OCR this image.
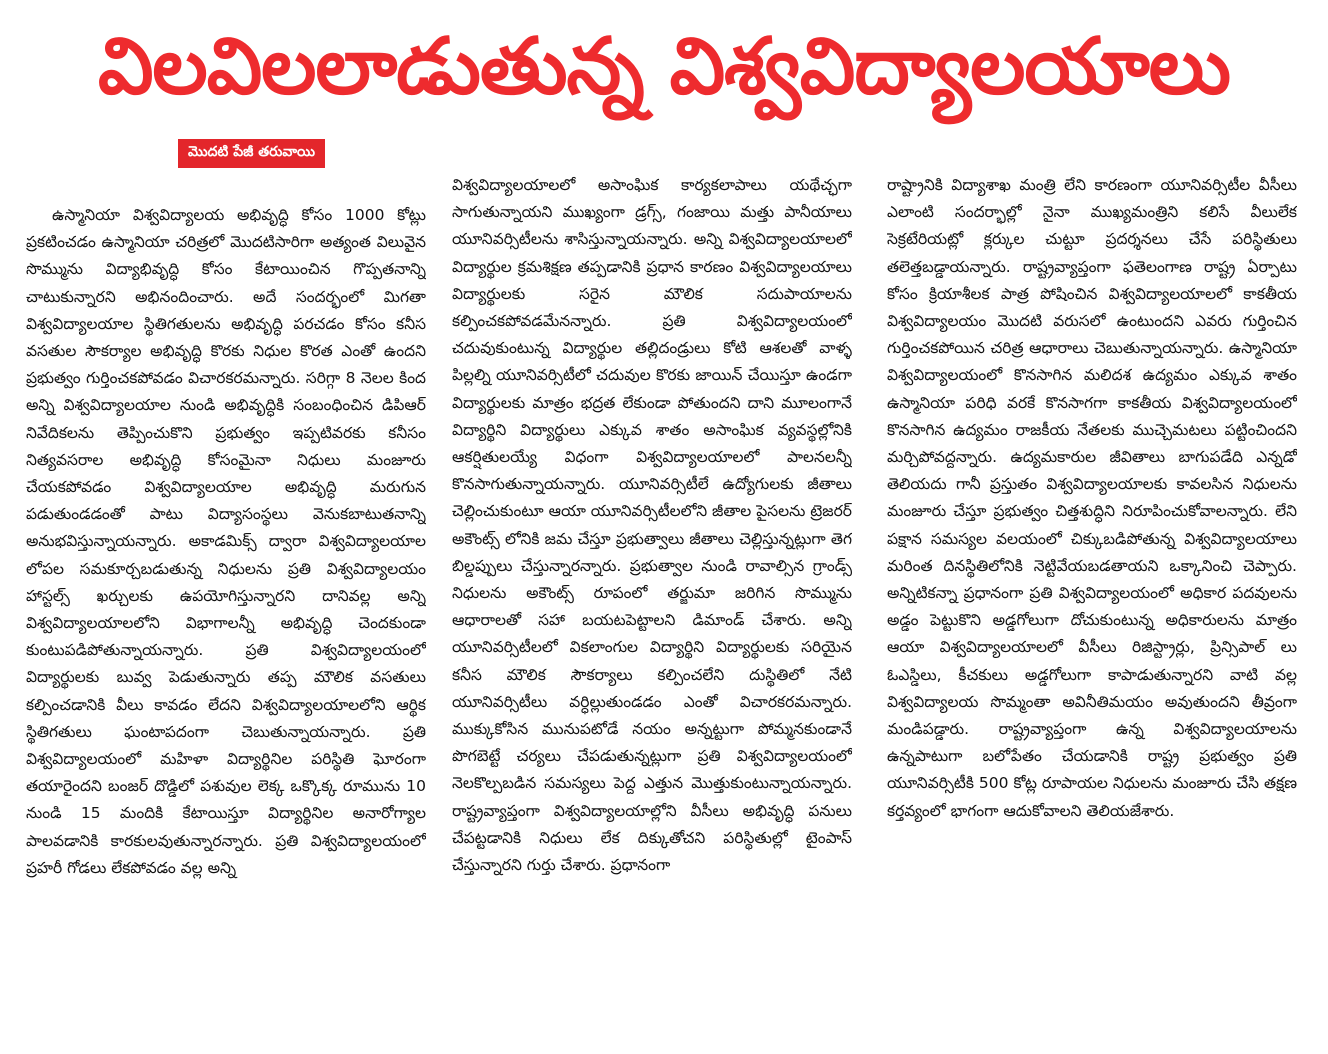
విలవిలలాడుతున్న విశ్వవిద్యాలయాలు
మొదటి పేజీ తరువాయి

ఉస్మానియా విశ్వవిద్యాలయ అభివృద్ధి కోసం 1000 కోట్లు ప్రకటించడం ఉస్మానియా చరిత్రలో మొదటిసారిగా అత్యంత విలువైన సొమ్మును విద్యాభివృద్ధి కోసం కేటాయించిన గొప్పతనాన్ని చాటుకున్నారని అభినందించారు. అదే సందర్భంలో మిగతా విశ్వవిద్యాలయాల స్థితిగతులను అభివృద్ధి పరచడం కోసం కనీస వసతుల సౌకర్యాల అభివృద్ధి కొరకు నిధుల కొరత ఎంతో ఉందని ప్రభుత్వం గుర్తించకపోవడం విచారకరమన్నారు. సరిగ్గా 8 నెలల కింద అన్ని విశ్వవిద్యాలయాల నుండి అభివృద్ధికి సంబంధించిన డిపిఆర్ నివేదికలను తెప్పించుకొని ప్రభుత్వం ఇప్పటివరకు కనీసం నిత్యవసరాల అభివృద్ధి కోసంమైనా నిధులు మంజూరు చేయకపోవడం విశ్వవిద్యాలయాల అభివృద్ధి మరుగున పడుతుండడంతో పాటు విద్యాసంస్థలు వెనుకబాటుతనాన్ని అనుభవిస్తున్నాయన్నారు. అకాడమిక్స్ ద్వారా విశ్వవిద్యాలయాల లోపల సమకూర్చబడుతున్న నిధులను ప్రతి విశ్వవిద్యాలయం హాస్టల్స్ ఖర్చులకు ఉపయోగిస్తున్నారని దానివల్ల అన్ని విశ్వవిద్యాలయాలలోని విభాగాలన్నీ అభివృద్ధి చెందకుండా కుంటుపడిపోతున్నాయన్నారు. ప్రతి విశ్వవిద్యాలయంలో విద్యార్థులకు బువ్వ పెడుతున్నారు తప్ప మౌలిక వసతులు కల్పించడానికి వీలు కావడం లేదని విశ్వవిద్యాలయాలలోని ఆర్థిక స్థితిగతులు ఘంటాపదంగా చెబుతున్నాయన్నారు. ప్రతి విశ్వవిద్యాలయంలో మహిళా విద్యార్థినిల పరిస్థితి ఘోరంగా తయారైందని బంజర్ దొడ్డిలో పశువుల లెక్క ఒక్కొక్క రూమును 10 నుండి 15 మందికి కేటాయిస్తూ విద్యార్థినిల అనారోగ్యాల పాలవడానికి కారకులవుతున్నారన్నారు. ప్రతి విశ్వవిద్యాలయంలో ప్రహరీ గోడలు లేకపోవడం వల్ల అన్ని

విశ్వవిద్యాలయాలలో అసాంఘిక కార్యకలాపాలు యథేచ్ఛగా సాగుతున్నాయని ముఖ్యంగా డ్రగ్స్, గంజాయి మత్తు పానీయాలు యూనివర్సిటీలను శాసిస్తున్నాయన్నారు. అన్ని విశ్వవిద్యాలయాలలో విద్యార్థుల క్రమశిక్షణ తప్పడానికి ప్రధాన కారణం విశ్వవిద్యాలయాలు విద్యార్థులకు సరైన మౌలిక సదుపాయాలను కల్పించకపోవడమేనన్నారు. ప్రతి విశ్వవిద్యాలయంలో చదువుకుంటున్న విద్యార్థుల తల్లిదండ్రులు కోటి ఆశలతో వాళ్ళ పిల్లల్ని యూనివర్సిటీలో చదువుల కొరకు జాయిన్ చేయిస్తూ ఉండగా విద్యార్థులకు మాత్రం భద్రత లేకుండా పోతుందని దాని మూలంగానే విద్యార్థిని విద్యార్థులు ఎక్కువ శాతం అసాంఘిక వ్యవస్థల్లోనికి ఆకర్షితులయ్యే విధంగా విశ్వవిద్యాలయాలలో పాలనలన్నీ కొనసాగుతున్నాయన్నారు. యూనివర్సిటీలే ఉద్యోగులకు జీతాలు చెల్లించుకుంటూ ఆయా యూనివర్సిటీలలోని జీతాల పైసలను ట్రెజరర్ అకౌంట్స్ లోనికి జమ చేస్తూ ప్రభుత్వాలు జీతాలు చెల్లిస్తున్నట్లుగా తెగ బిల్డప్పులు చేస్తున్నారన్నారు. ప్రభుత్వాల నుండి రావాల్సిన గ్రాండ్స్ నిధులను అకౌంట్స్ రూపంలో తర్జుమా జరిగిన సొమ్మును ఆధారాలతో సహా బయటపెట్టాలని డిమాండ్ చేశారు. అన్ని యూనివర్సిటీలలో వికలాంగుల విద్యార్థిని విద్యార్థులకు సరియైన కనీస మౌలిక సౌకర్యాలు కల్పించలేని దుస్థితిలో నేటి యూనివర్సిటీలు వర్ధిల్లుతుండడం ఎంతో విచారకరమన్నారు. ముక్కుకోసిన మునుపటోడే నయం అన్నట్టుగా పోమ్మనకుండానే పొగబెట్టే చర్యలు చేపడుతున్నట్లుగా ప్రతి విశ్వవిద్యాలయంలో నెలకొల్పబడిన సమస్యలు పెద్ద ఎత్తున మొత్తుకుంటున్నాయన్నారు. రాష్ట్రవ్యాప్తంగా విశ్వవిద్యాలయాల్లోని వీసీలు అభివృద్ధి పనులు చేపట్టడానికి నిధులు లేక దిక్కుతోచని పరిస్థితుల్లో టైంపాస్ చేస్తున్నారని గుర్తు చేశారు. ప్రధానంగా

రాష్ట్రానికి విద్యాశాఖ మంత్రి లేని కారణంగా యూనివర్సిటీల వీసీలు ఎలాంటి సందర్భాల్లో నైనా ముఖ్యమంత్రిని కలిసే వీలులేక సెక్రటేరియట్లో క్లర్కుల చుట్టూ ప్రదర్శనలు చేసే పరిస్థితులు తలెత్తబడ్డాయన్నారు. రాష్ట్రవ్యాప్తంగా ఫతెలంగాణ రాష్ట్ర ఏర్పాటు కోసం క్రియాశీలక పాత్ర పోషించిన విశ్వవిద్యాలయాలలో కాకతీయ విశ్వవిద్యాలయం మొదటి వరుసలో ఉంటుందని ఎవరు గుర్తించిన గుర్తించకపోయిన చరిత్ర ఆధారాలు చెబుతున్నాయన్నారు. ఉస్మానియా విశ్వవిద్యాలయంలో కొనసాగిన మలిదశ ఉద్యమం ఎక్కువ శాతం ఉస్మానియా పరిధి వరకే కొనసాగగా కాకతీయ విశ్వవిద్యాలయంలో కొనసాగిన ఉద్యమం రాజకీయ నేతలకు ముచ్చెమటలు పట్టించిందని మర్చిపోవద్దన్నారు. ఉద్యమకారుల జీవితాలు బాగుపడేది ఎన్నడో తెలియదు గానీ ప్రస్తుతం విశ్వవిద్యాలయాలకు కావలసిన నిధులను మంజూరు చేస్తూ ప్రభుత్వం చిత్తశుద్ధిని నిరూపించుకోవాలన్నారు. లేని పక్షాన సమస్యల వలయంలో చిక్కుబడిపోతున్న విశ్వవిద్యాలయాలు మరింత దినస్థితిలోనికి నెట్టివేయబడతాయని ఒక్కానించి చెప్పారు. అన్నిటికన్నా ప్రధానంగా ప్రతి విశ్వవిద్యాలయంలో అధికార పదవులను అడ్డం పెట్టుకొని అడ్డగోలుగా దోచుకుంటున్న అధికారులను మాత్రం ఆయా విశ్వవిద్యాలయాలలో వీసీలు రిజిస్ట్రార్లు, ప్రిన్సిపాల్ లు ఓఎస్డిలు, కీచకులు అడ్డగోలుగా కాపాడుతున్నారని వాటి వల్ల విశ్వవిద్యాలయ సొమ్మంతా అవినీతిమయం అవుతుందని తీవ్రంగా మండిపడ్డారు. రాష్ట్రవ్యాప్తంగా ఉన్న విశ్వవిద్యాలయాలను ఉన్నపాటుగా బలోపేతం చేయడానికి రాష్ట్ర ప్రభుత్వం ప్రతి యూనివర్సిటీకి 500 కోట్ల రూపాయల నిధులను మంజూరు చేసి తక్షణ కర్తవ్యంలో భాగంగా ఆదుకోవాలని తెలియజేశారు.
